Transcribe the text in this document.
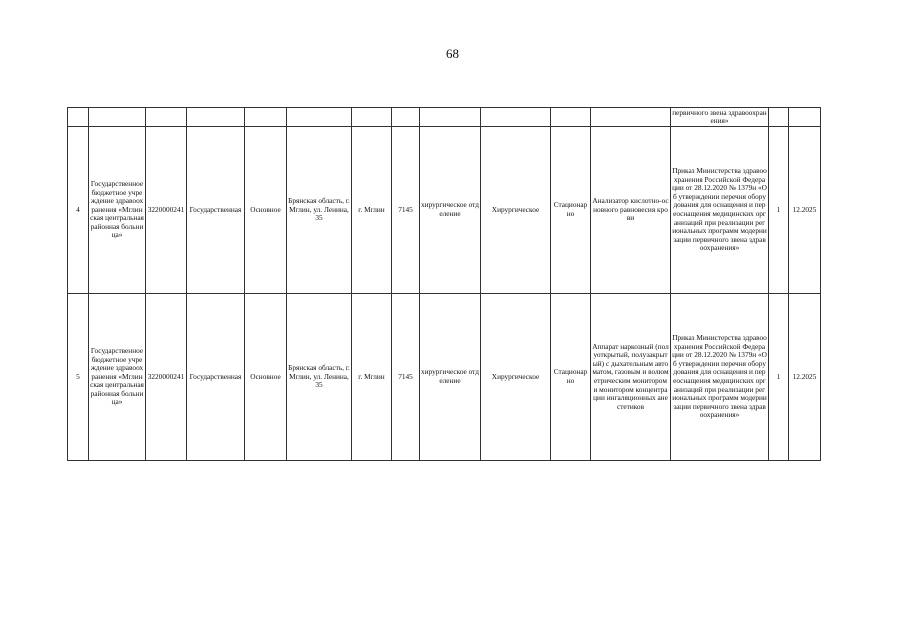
68
												первичного звена здравоохранения»		
4	Государственное бюджетное учреждение здравоохранения «Мглинская центральная районная больница»	3220000241	Государственная	Основное	Брянская область, г. Мглин, ул. Ленина, 35	г. Мглин	7145	хирургическое отделение	Хирургическое	Стационарно	Анализатор кислотно-основного равновесия крови	Приказ Министерства здравоохранения Российской Федерации от 28.12.2020 № 1379н «Об утверждении перечня оборудования для оснащения и переоснащения медицинских организаций при реализации региональных программ модернизации первичного звена здравоохранения»	1	12.2025
5	Государственное бюджетное учреждение здравоохранения «Мглинская центральная районная больница»	3220000241	Государственная	Основное	Брянская область, г. Мглин, ул. Ленина, 35	г. Мглин	7145	хирургическое отделение	Хирургическое	Стационарно	Аппарат наркозный (полуоткрытый, полузакрытый) с дыхательным автоматом, газовым и волюметрическим монитором и монитором концентрации ингаляционных анестетиков	Приказ Министерства здравоохранения Российской Федерации от 28.12.2020 № 1379н «Об утверждении перечня оборудования для оснащения и переоснащения медицинских организаций при реализации региональных программ модернизации первичного звена здравоохранения»	1	12.2025
